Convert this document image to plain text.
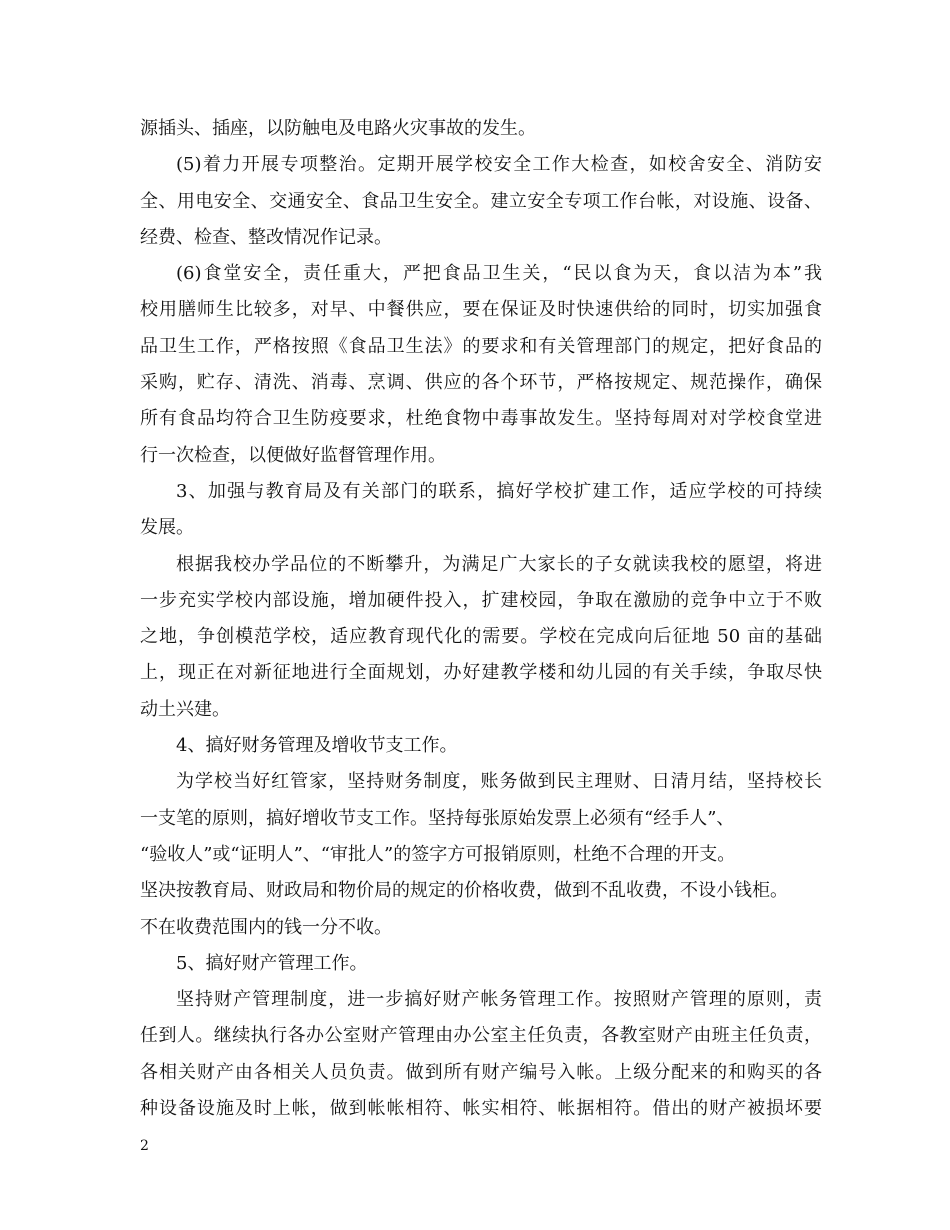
源插头、插座，以防触电及电路火灾事故的发生。
(5)着力开展专项整治。定期开展学校安全工作大检查，如校舍安全、消防安
全、用电安全、交通安全、食品卫生安全。建立安全专项工作台帐，对设施、设备、
经费、检查、整改情况作记录。
(6)食堂安全，责任重大，严把食品卫生关，“民以食为天，食以洁为本”我
校用膳师生比较多，对早、中餐供应，要在保证及时快速供给的同时，切实加强食
品卫生工作，严格按照《食品卫生法》的要求和有关管理部门的规定，把好食品的
采购，贮存、清洗、消毒、烹调、供应的各个环节，严格按规定、规范操作，确保
所有食品均符合卫生防疫要求，杜绝食物中毒事故发生。坚持每周对对学校食堂进
行一次检查，以便做好监督管理作用。
3、加强与教育局及有关部门的联系，搞好学校扩建工作，适应学校的可持续
发展。
根据我校办学品位的不断攀升，为满足广大家长的子女就读我校的愿望，将进
一步充实学校内部设施，增加硬件投入，扩建校园，争取在激励的竞争中立于不败
之地，争创模范学校，适应教育现代化的需要。学校在完成向后征地 50 亩的基础
上，现正在对新征地进行全面规划，办好建教学楼和幼儿园的有关手续，争取尽快
动土兴建。
4、搞好财务管理及增收节支工作。
为学校当好红管家，坚持财务制度，账务做到民主理财、日清月结，坚持校长
一支笔的原则，搞好增收节支工作。坚持每张原始发票上必须有“经手人”、
“验收人”或“证明人”、“审批人”的签字方可报销原则，杜绝不合理的开支。
坚决按教育局、财政局和物价局的规定的价格收费，做到不乱收费，不设小钱柜。
不在收费范围内的钱一分不收。
5、搞好财产管理工作。
坚持财产管理制度，进一步搞好财产帐务管理工作。按照财产管理的原则，责
任到人。继续执行各办公室财产管理由办公室主任负责，各教室财产由班主任负责，
各相关财产由各相关人员负责。做到所有财产编号入帐。上级分配来的和购买的各
种设备设施及时上帐，做到帐帐相符、帐实相符、帐据相符。借出的财产被损坏要
2
